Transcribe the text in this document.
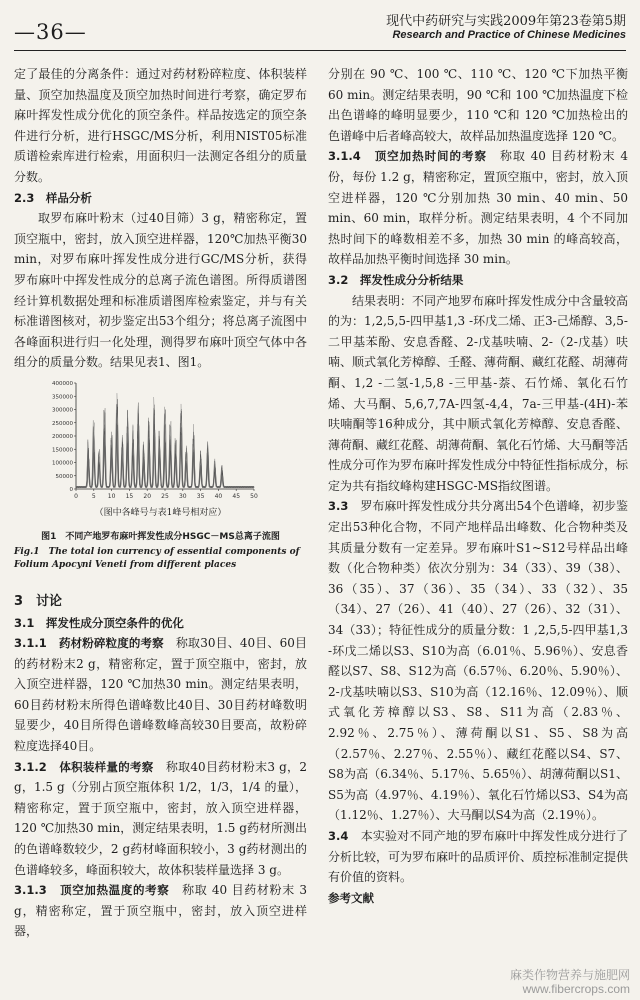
—36—	现代中药研究与实践2009年第23卷第5期
Research and Practice of Chinese Medicines

定了最佳的分离条件：通过对药材粉碎粒度、体积装样量、顶空加热温度及顶空加热时间进行考察，确定罗布麻叶挥发性成分优化的顶空条件。样品按选定的顶空条件进行分析，进行HSGC/MS分析，利用NIST05标准质谱检索库进行检索，用面积归一法测定各组分的质量分数。

2.3　样品分析

取罗布麻叶粉末（过40目筛）3 g，精密称定，置顶空瓶中，密封，放入顶空进样器，120℃加热平衡30 min，对罗布麻叶挥发性成分进行GC/MS分析，获得罗布麻叶中挥发性成分的总离子流色谱图。所得质谱图经计算机数据处理和标准质谱图库检索鉴定，并与有关标准谱图核对，初步鉴定出53个组分；将总离子流图中各峰面积进行归一化处理，测得罗布麻叶顶空气体中各组分的质量分数。结果见表1、图1。

400000
350000
300000
250000
200000
150000
100000
50000
0
0 5 10 15 20 25 30 35 40 45 50
（图中各峰号与表1峰号相对应）
图1　不同产地罗布麻叶挥发性成分HSGC－MS总离子流图
Fig.1　The total ion currency of essential components of Folium Apocyni Veneti from different places

3　讨论

3.1　挥发性成分顶空条件的优化

3.1.1　 药材粉碎粒度的考察　 称取30目、40目、60目的药材粉末2 g，精密称定，置于顶空瓶中，密封，放入顶空进样器，120 ℃加热30 min。测定结果表明，60目药材粉末所得色谱峰数比40目、30目药材峰数明显要少，40目所得色谱峰数峰高较30目要高，故粉碎粒度选择40目。

3.1.2　 体积装样量的考察　 称取40目药材粉末3 g，2 g，1.5 g（分别占顶空瓶体积 1/2，1/3，1/4 的量），精密称定，置于顶空瓶中，密封，放入顶空进样器，120 ℃加热30 min，测定结果表明，1.5 g药材所测出的色谱峰数较少，2 g药材峰面积较小，3 g药材测出的色谱峰较多，峰面积较大，故体积装样量选择 3 g。

3.1.3　 顶空加热温度的考察　 称取 40 目药材粉末 3 g，精密称定，置于顶空瓶中，密封，放入顶空进样器，

分别在 90 ℃、100 ℃、110 ℃、120 ℃下加热平衡 60 min。测定结果表明，90 ℃和 100 ℃加热温度下检出色谱峰的峰明显要少，110 ℃和 120 ℃加热检出的色谱峰中后者峰高较大，故样品加热温度选择 120 ℃。

3.1.4　 顶空加热时间的考察　 称取 40 目药材粉末 4 份，每份 1.2 g，精密称定，置顶空瓶中，密封，放入顶空进样器，120 ℃分别加热 30 min、40 min、50 min、60 min，取样分析。测定结果表明，4 个不同加热时间下的峰数相差不多，加热 30 min 的峰高较高，故样品加热平衡时间选择 30 min。

3.2　挥发性成分分析结果

结果表明：不同产地罗布麻叶挥发性成分中含量较高的为：1,2,5,5-四甲基1,3 -环戊二烯、正3-己烯醇、3,5-二甲基苯酚、安息香醛、2-戊基呋喃、2-（2-戊基）呋喃、顺式氧化芳樟醇、壬醛、薄荷酮、藏红花醛、胡薄荷酮、1,2 -二氢-1,5,8 -三甲基-萘、石竹烯、氧化石竹烯、大马酮、5,6,7,7A-四氢-4,4，7a-三甲基-(4H)-苯呋喃酮等16种成分，其中顺式氧化芳樟醇、安息香醛、薄荷酮、藏红花醛、胡薄荷酮、氧化石竹烯、大马酮等活性成分可作为罗布麻叶挥发性成分中特征性指标成分，标定为共有指纹峰构建HSGC-MS指纹图谱。

3.3　 罗布麻叶挥发性成分共分离出54个色谱峰，初步鉴定出53种化合物，不同产地样品出峰数、化合物种类及其质量分数有一定差异。罗布麻叶S1~S12号样品出峰数（化合物种类）依次分别为：34（33）、39（38）、36（35）、37（36）、35（34）、33（32）、35（34）、27（26）、41（40）、27（26）、32（31）、34（33）；特征性成分的质量分数：1 ,2,5,5-四甲基1,3 -环戊二烯以S3、S10为高（6.01％、5.96％）、安息香醛以S7、S8、S12为高（6.57％、6.20％、5.90％）、2-戊基呋喃以S3、S10为高（12.16％、12.09％）、顺式氧化芳樟醇以S3、S8、S11为高（2.83％、2.92％、2.75％）、薄荷酮以S1、S5、S8为高（2.57％、2.27％、2.55％）、藏红花醛以S4、S7、S8为高（6.34％、5.17％、5.65％）、胡薄荷酮以S1、S5为高（4.97％、4.19％）、氧化石竹烯以S3、S4为高（1.12％、1.27％）、大马酮以S4为高（2.19％）。

3.4　 本实验对不同产地的罗布麻叶中挥发性成分进行了分析比较，可为罗布麻叶的品质评价、质控标准制定提供有价值的资料。

参考文献

麻类作物营养与施肥网
www.fibercrops.com
